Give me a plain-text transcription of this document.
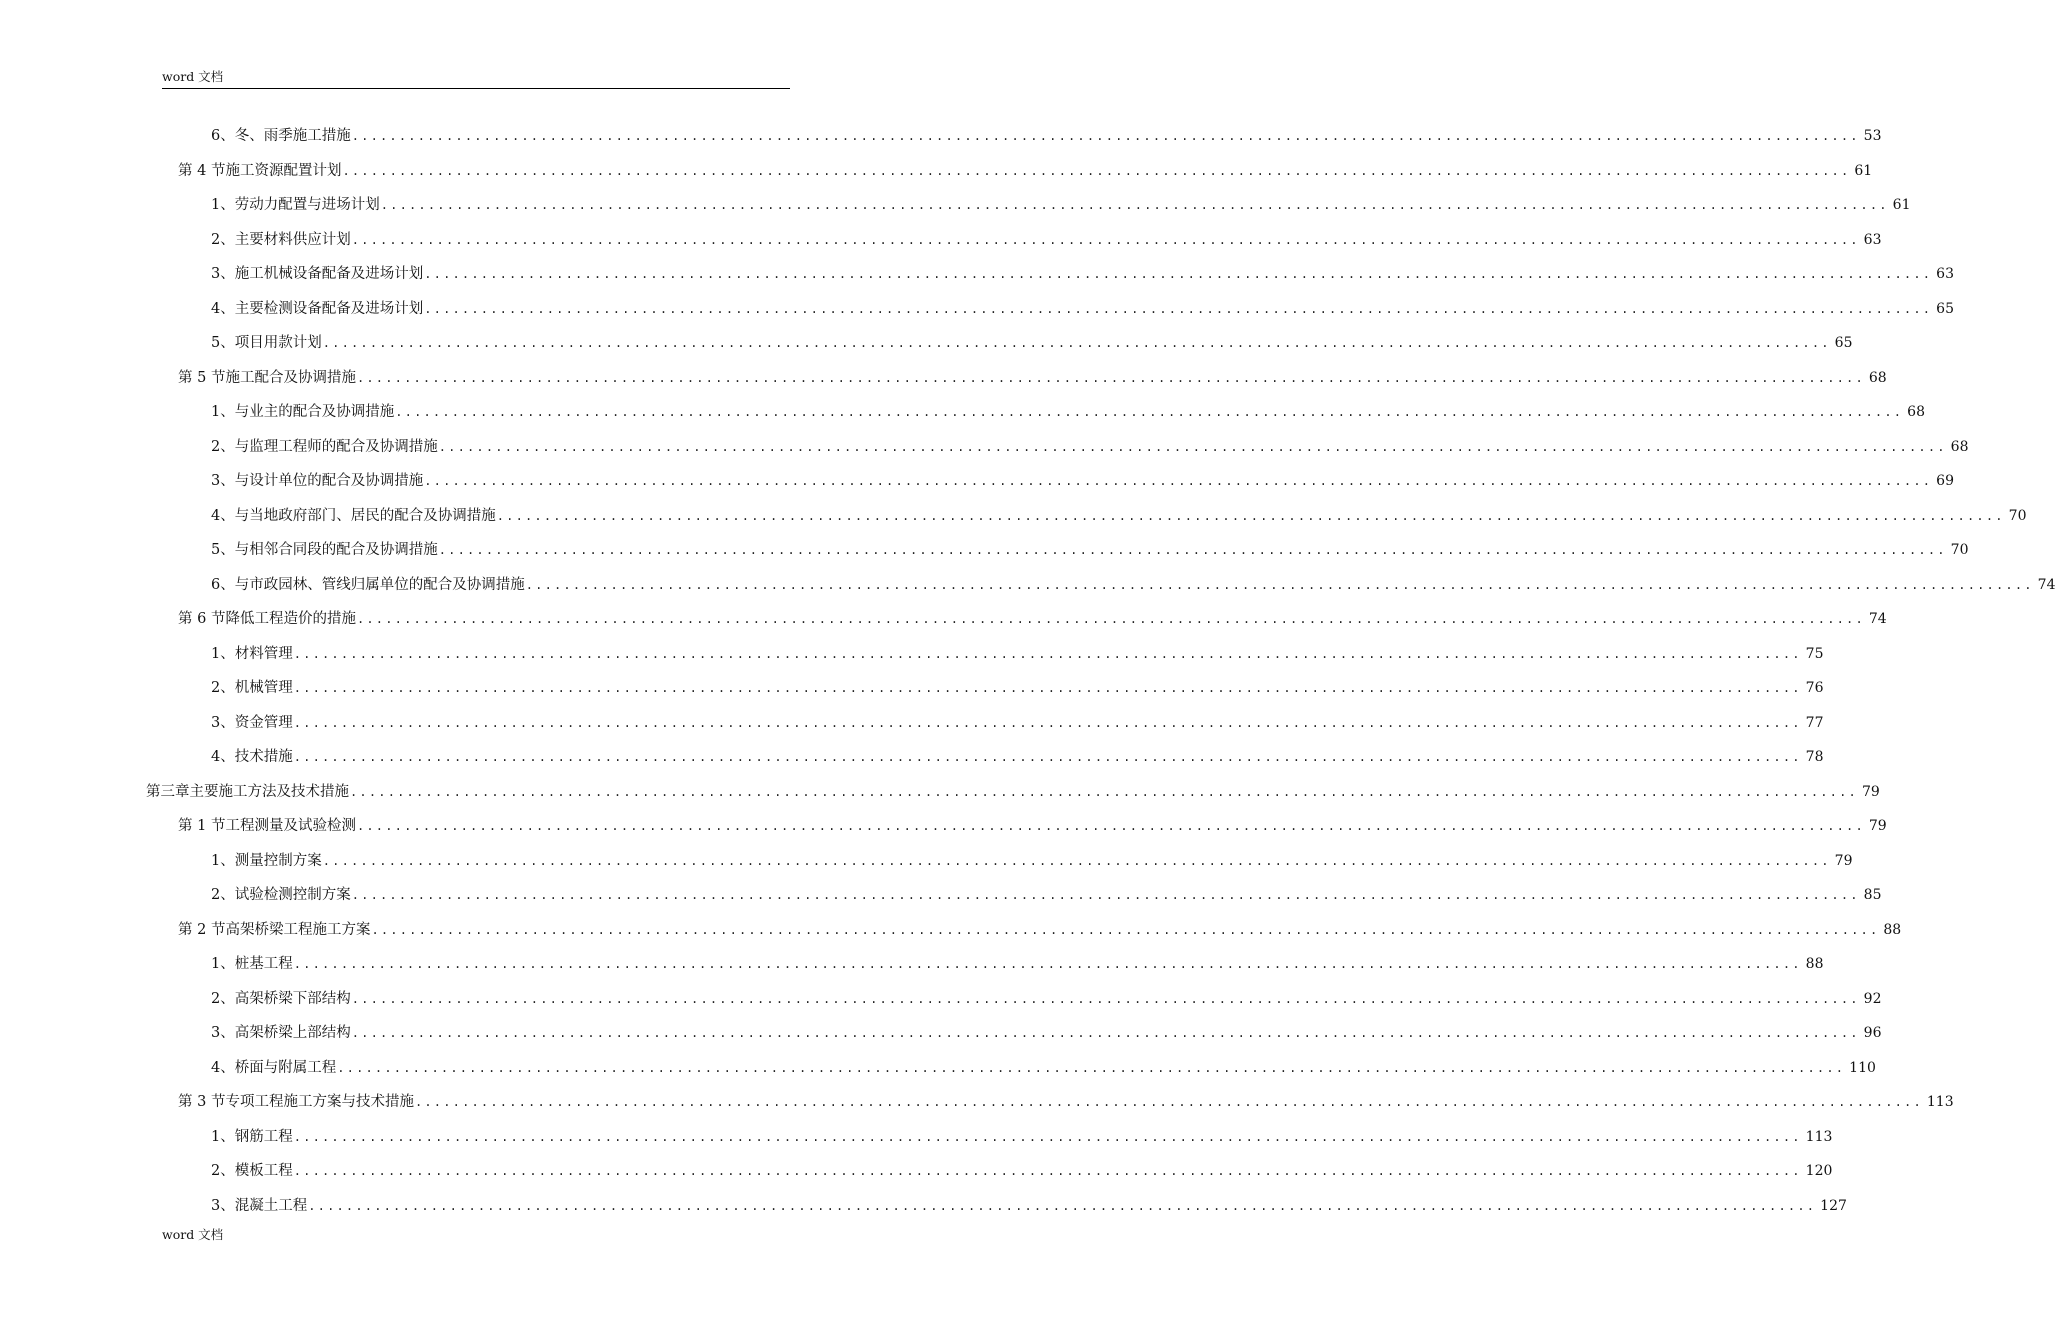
word 文档
6、 冬、雨季施工措施 ................................................................................................................................................................ 53
第 4 节 施工资源配置计划 ................................................................................................................................................................ 61
1、 劳动力配置与进场计划 ................................................................................................................................................................ 61
2、 主要材料供应计划 ................................................................................................................................................................ 63
3、 施工机械设备配备及进场计划 ................................................................................................................................................................ 63
4、 主要检测设备配备及进场计划 ................................................................................................................................................................ 65
5、 项目用款计划 ................................................................................................................................................................ 65
第 5 节 施工配合及协调措施 ................................................................................................................................................................ 68
1、 与业主的配合及协调措施 ................................................................................................................................................................ 68
2、 与监理工程师的配合及协调措施 ................................................................................................................................................................ 68
3、 与设计单位的配合及协调措施 ................................................................................................................................................................ 69
4、 与当地政府部门、居民的配合及协调措施 ................................................................................................................................................................ 70
5、 与相邻合同段的配合及协调措施 ................................................................................................................................................................ 70
6、 与市政园林、管线归属单位的配合及协调措施 ................................................................................................................................................................ 74
第 6 节 降低工程造价的措施 ................................................................................................................................................................ 74
1、 材料管理 ................................................................................................................................................................ 75
2、 机械管理 ................................................................................................................................................................ 76
3、 资金管理 ................................................................................................................................................................ 77
4、 技术措施 ................................................................................................................................................................ 78
第三章 主要施工方法及技术措施 ................................................................................................................................................................ 79
第 1 节 工程测量及试验检测 ................................................................................................................................................................ 79
1、 测量控制方案 ................................................................................................................................................................ 79
2、 试验检测控制方案 ................................................................................................................................................................ 85
第 2 节 高架桥梁工程施工方案 ................................................................................................................................................................ 88
1、 桩基工程 ................................................................................................................................................................ 88
2、 高架桥梁下部结构 ................................................................................................................................................................ 92
3、 高架桥梁上部结构 ................................................................................................................................................................ 96
4、 桥面与附属工程 ................................................................................................................................................................ 110
第 3 节 专项工程施工方案与技术措施 ................................................................................................................................................................ 113
1、 钢筋工程 ................................................................................................................................................................ 113
2、 模板工程 ................................................................................................................................................................ 120
3、 混凝土工程 ................................................................................................................................................................ 127
word 文档
